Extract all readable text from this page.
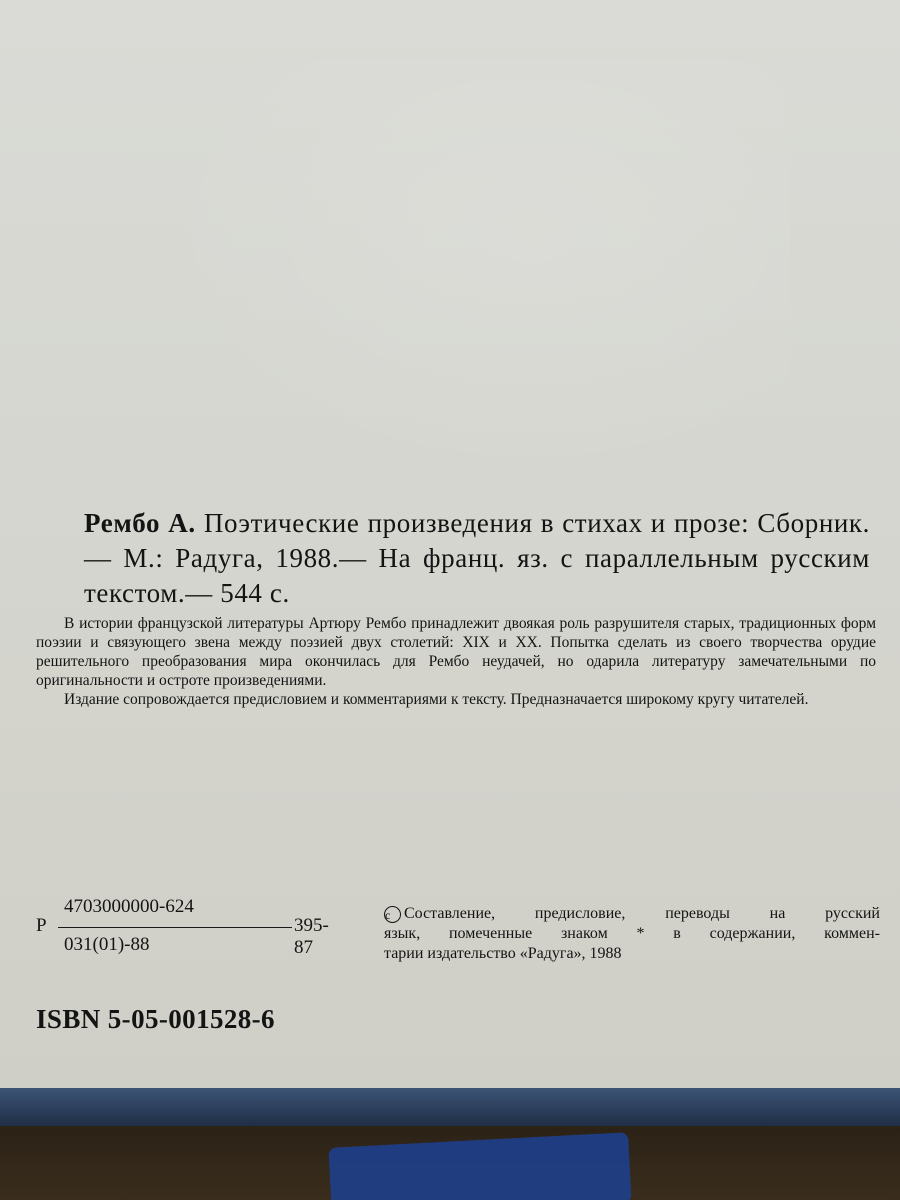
Рембо А. Поэтические произведения в стихах и прозе: Сборник.— М.: Радуга, 1988.— На франц. яз. с параллельным русским текстом.— 544 с.

В истории французской литературы Артюру Рембо принадлежит двоякая роль разрушителя старых, традиционных форм поэзии и связующего звена между поэзией двух столетий: XIX и XX. Попытка сделать из своего творчества орудие решительного преобразования мира окончилась для Рембо неудачей, но одарила литературу замечательными по оригинальности и остроте произведениями.

Издание сопровождается предисловием и комментариями к тексту. Предназначается широкому кругу читателей.

Р
4703000000-624
031(01)-88
395-87
c Составление, предисловие, переводы на русский
язык, помеченные знаком * в содержании, коммен-
тарии издательство «Радуга», 1988
ISBN 5-05-001528-6
